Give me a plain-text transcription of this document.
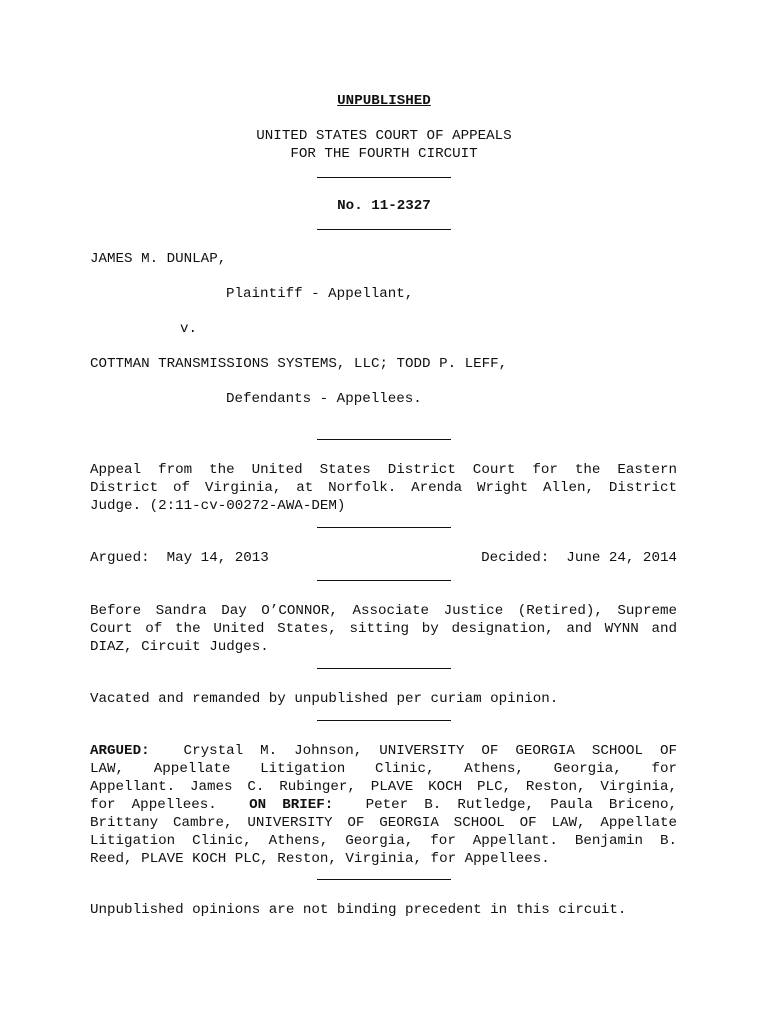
UNPUBLISHED
UNITED STATES COURT OF APPEALS
FOR THE FOURTH CIRCUIT
No. 11-2327
JAMES M. DUNLAP,
Plaintiff - Appellant,
v.
COTTMAN TRANSMISSIONS SYSTEMS, LLC; TODD P. LEFF,
Defendants - Appellees.
Appeal from the United States District Court for the Eastern
District of Virginia, at Norfolk. Arenda Wright Allen, District
Judge. (2:11-cv-00272-AWA-DEM)
Argued:  May 14, 2013	Decided:  June 24, 2014
Before Sandra Day O’CONNOR, Associate Justice (Retired), Supreme
Court of the United States, sitting by designation, and WYNN and
DIAZ, Circuit Judges.
Vacated and remanded by unpublished per curiam opinion.
ARGUED:  Crystal M. Johnson, UNIVERSITY OF GEORGIA SCHOOL OF
LAW, Appellate Litigation Clinic, Athens, Georgia, for
Appellant. James C. Rubinger, PLAVE KOCH PLC, Reston, Virginia,
for Appellees.  ON BRIEF:  Peter B. Rutledge, Paula Briceno,
Brittany Cambre, UNIVERSITY OF GEORGIA SCHOOL OF LAW, Appellate
Litigation Clinic, Athens, Georgia, for Appellant. Benjamin B.
Reed, PLAVE KOCH PLC, Reston, Virginia, for Appellees.
Unpublished opinions are not binding precedent in this circuit.
